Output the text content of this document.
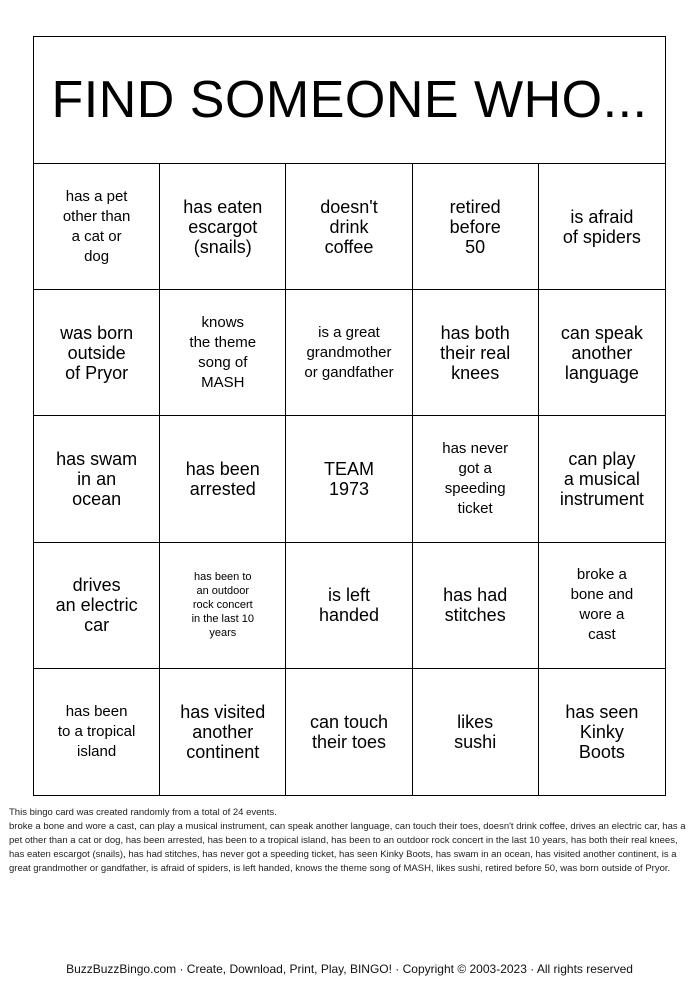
FIND SOMEONE WHO...
has a pet
other than
a cat or
dog
has eaten
escargot
(snails)
doesn't
drink
coffee
retired
before
50
is afraid
of spiders
was born
outside
of Pryor
knows
the theme
song of
MASH
is a great
grandmother
or gandfather
has both
their real
knees
can speak
another
language
has swam
in an
ocean
has been
arrested
TEAM
1973
has never
got a
speeding
ticket
can play
a musical
instrument
drives
an electric
car
has been to
an outdoor
rock concert
in the last 10
years
is left
handed
has had
stitches
broke a
bone and
wore a
cast
has been
to a tropical
island
has visited
another
continent
can touch
their toes
likes
sushi
has seen
Kinky
Boots

This bingo card was created randomly from a total of 24 events.

broke a bone and wore a cast, can play a musical instrument, can speak another language, can touch their toes, doesn't drink coffee, drives an electric car, has a pet other than a cat or dog, has been arrested, has been to a tropical island, has been to an outdoor rock concert in the last 10 years, has both their real knees, has eaten escargot (snails), has had stitches, has never got a speeding ticket, has seen Kinky Boots, has swam in an ocean, has visited another continent, is a great grandmother or gandfather, is afraid of spiders, is left handed, knows the theme song of MASH, likes sushi, retired before 50, was born outside of Pryor.

BuzzBuzzBingo.com · Create, Download, Print, Play, BINGO! · Copyright © 2003-2023 · All rights reserved
